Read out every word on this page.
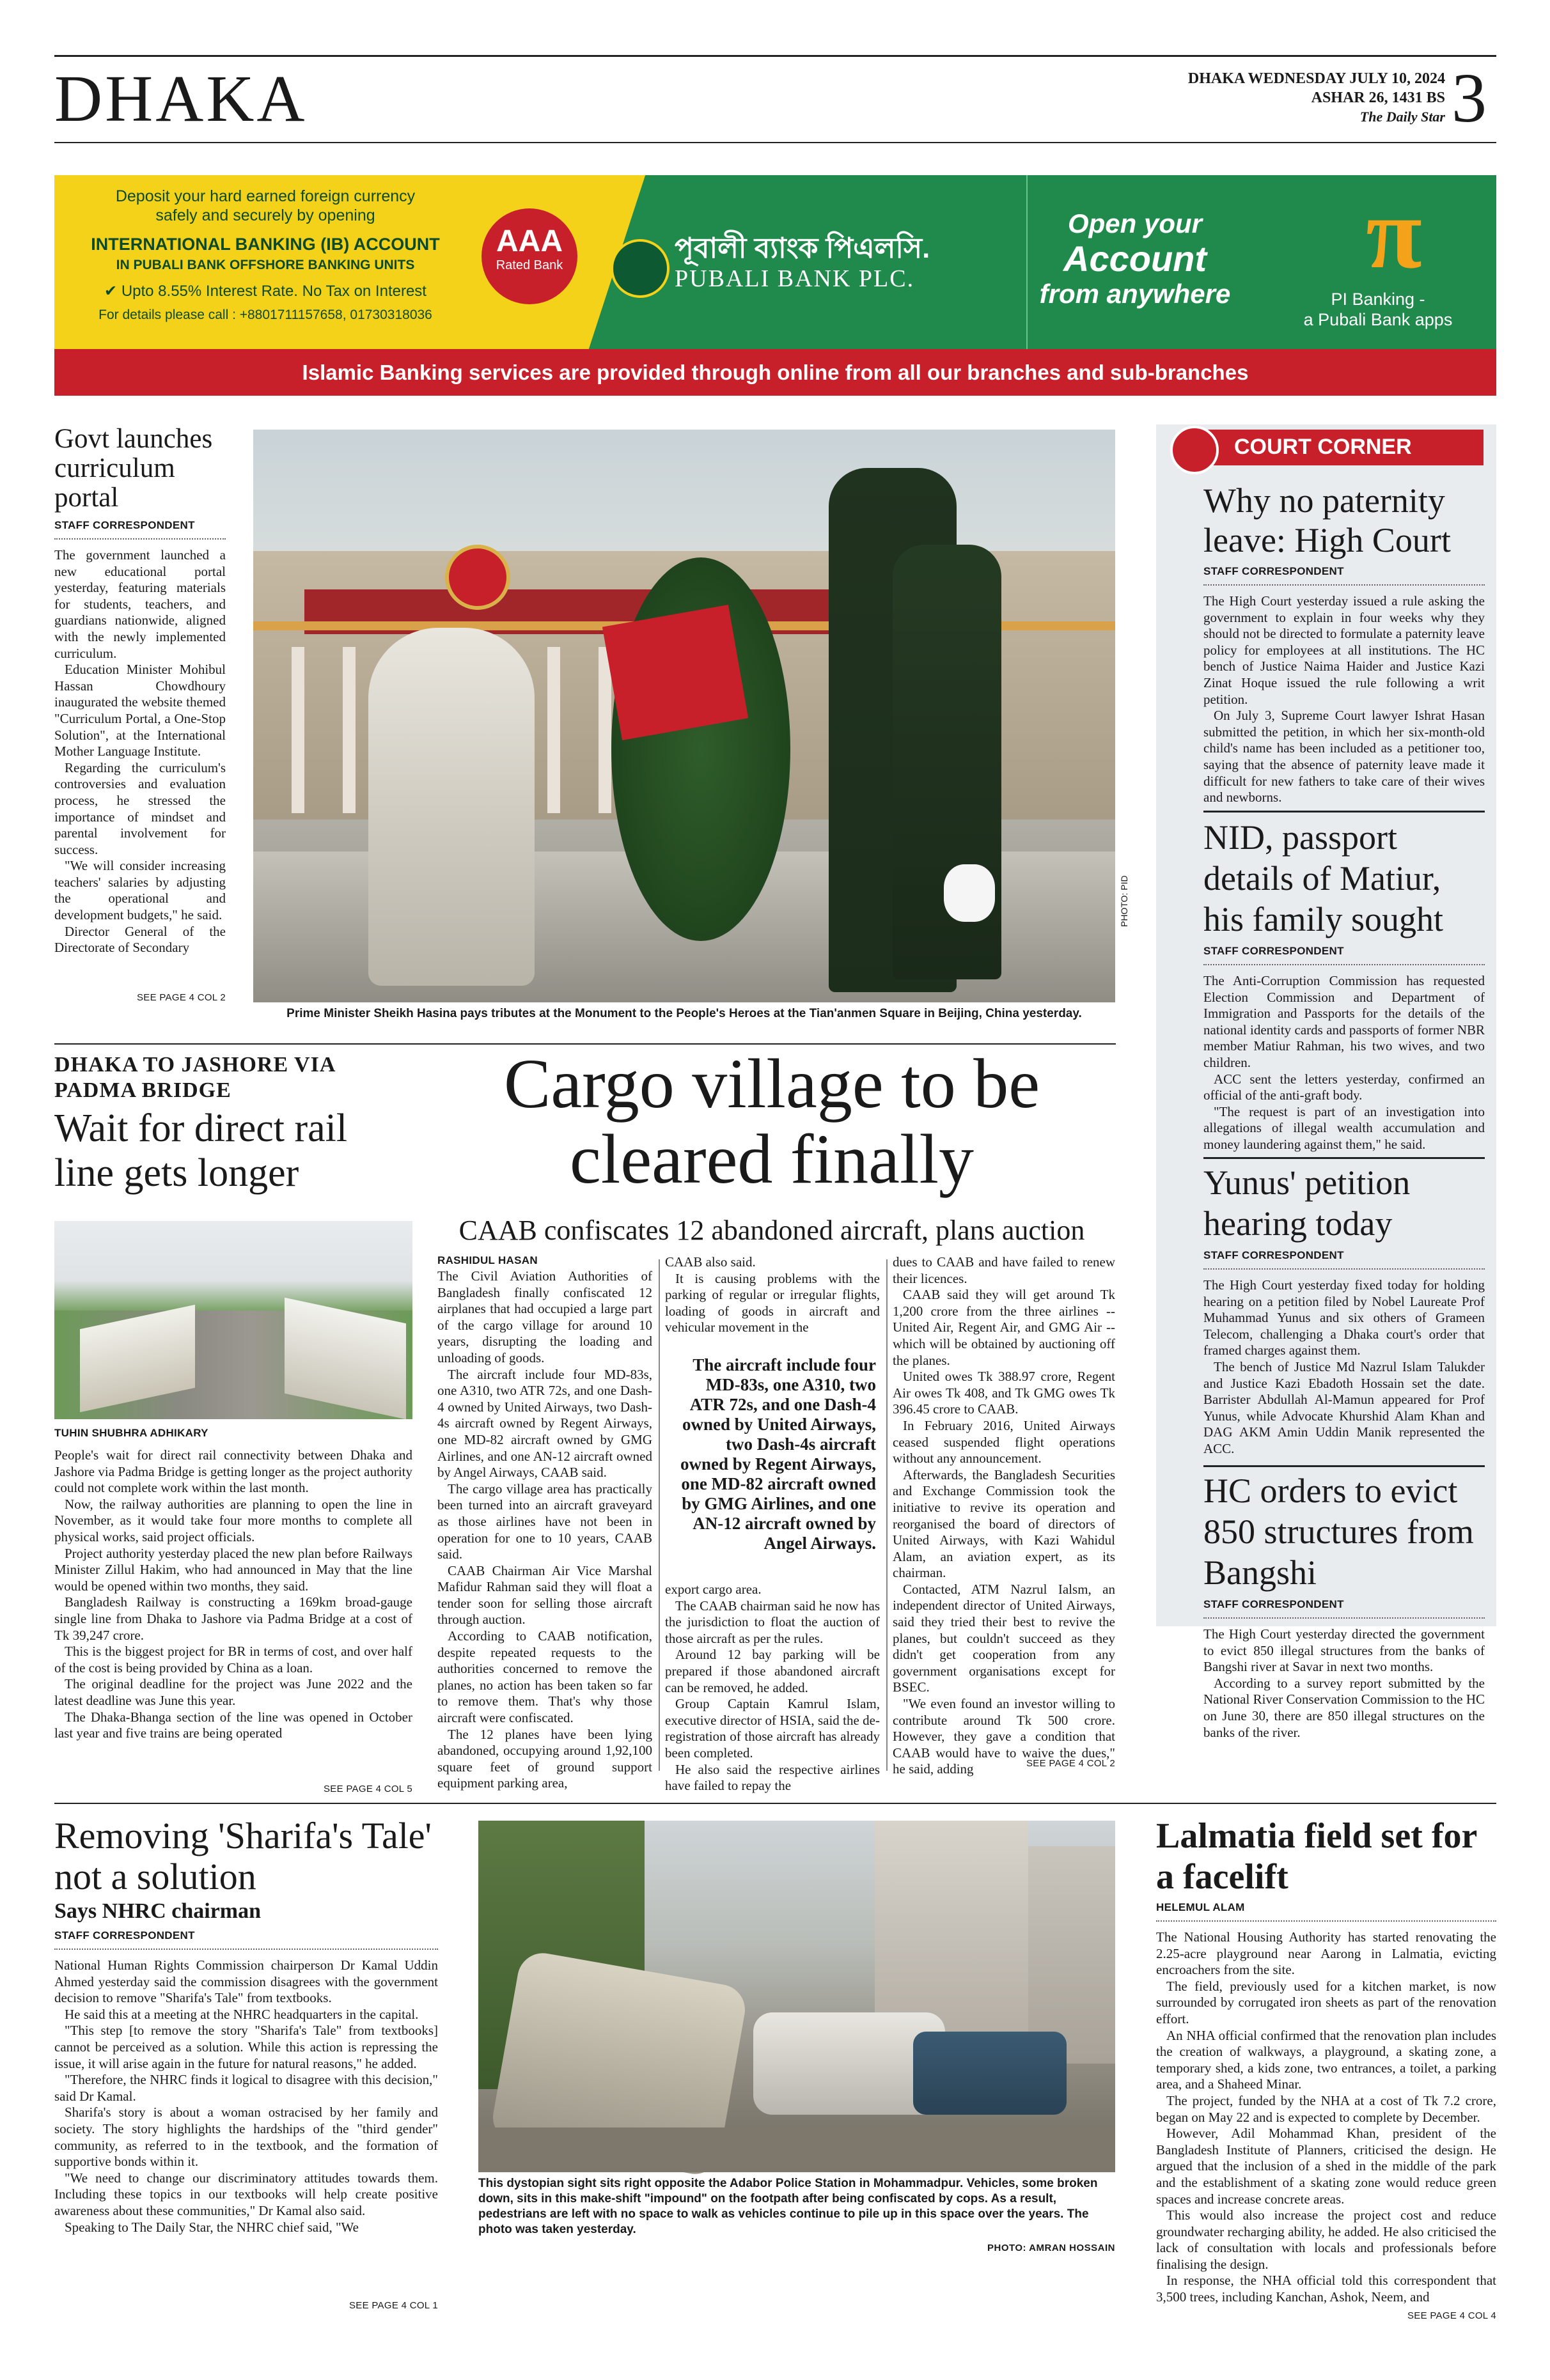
DHAKA	DHAKA WEDNESDAY JULY 10, 2024
ASHAR 26, 1431 BS
The Daily Star 3
Deposit your hard earned foreign currency
safely and securely by opening
INTERNATIONAL BANKING (IB) ACCOUNT
IN PUBALI BANK OFFSHORE BANKING UNITS
✔ Upto 8.55% Interest Rate. No Tax on Interest
For details please call : +8801711157658, 01730318036
AAA
Rated Bank
পূবালী ব্যাংক পিএলসি.
PUBALI BANK PLC.
Open your
Account
from anywhere
π
PI Banking -
a Pubali Bank apps
Islamic Banking services are provided through online from all our branches and sub-branches
Govt launches curriculum portal
STAFF CORRESPONDENT

The government launched a new educational portal yesterday, featuring materials for students, teachers, and guardians nationwide, aligned with the newly implemented curriculum.

Education Minister Mohibul Hassan Chowdhoury inaugurated the website themed "Curriculum Portal, a One-Stop Solution", at the International Mother Language Institute.

Regarding the curriculum's controversies and evaluation process, he stressed the importance of mindset and parental involvement for success.

"We will consider increasing teachers' salaries by adjusting the operational and development budgets," he said.

Director General of the Directorate of Secondary

SEE PAGE 4 COL 2
PHOTO: PID
Prime Minister Sheikh Hasina pays tributes at the Monument to the People's Heroes at the Tian'anmen Square in Beijing, China yesterday.
COURT CORNER
Why no paternity leave: High Court
STAFF CORRESPONDENT

The High Court yesterday issued a rule asking the government to explain in four weeks why they should not be directed to formulate a paternity leave policy for employees at all institutions. The HC bench of Justice Naima Haider and Justice Kazi Zinat Hoque issued the rule following a writ petition.

On July 3, Supreme Court lawyer Ishrat Hasan submitted the petition, in which her six-month-old child's name has been included as a petitioner too, saying that the absence of paternity leave made it difficult for new fathers to take care of their wives and newborns.

NID, passport details of Matiur, his family sought
STAFF CORRESPONDENT

The Anti-Corruption Commission has requested Election Commission and Department of Immigration and Passports for the details of the national identity cards and passports of former NBR member Matiur Rahman, his two wives, and two children.

ACC sent the letters yesterday, confirmed an official of the anti-graft body.

"The request is part of an investigation into allegations of illegal wealth accumulation and money laundering against them," he said.

Yunus' petition hearing today
STAFF CORRESPONDENT

The High Court yesterday fixed today for holding hearing on a petition filed by Nobel Laureate Prof Muhammad Yunus and six others of Grameen Telecom, challenging a Dhaka court's order that framed charges against them.

The bench of Justice Md Nazrul Islam Talukder and Justice Kazi Ebadoth Hossain set the date. Barrister Abdullah Al-Mamun appeared for Prof Yunus, while Advocate Khurshid Alam Khan and DAG AKM Amin Uddin Manik represented the ACC.

HC orders to evict 850 structures from Bangshi
STAFF CORRESPONDENT

The High Court yesterday directed the government to evict 850 illegal structures from the banks of Bangshi river at Savar in next two months.

According to a survey report submitted by the National River Conservation Commission to the HC on June 30, there are 850 illegal structures on the banks of the river.

DHAKA TO JASHORE VIA PADMA BRIDGE
Wait for direct rail line gets longer
TUHIN SHUBHRA ADHIKARY

People's wait for direct rail connectivity between Dhaka and Jashore via Padma Bridge is getting longer as the project authority could not complete work within the last month.

Now, the railway authorities are planning to open the line in November, as it would take four more months to complete all physical works, said project officials.

Project authority yesterday placed the new plan before Railways Minister Zillul Hakim, who had announced in May that the line would be opened within two months, they said.

Bangladesh Railway is constructing a 169km broad-gauge single line from Dhaka to Jashore via Padma Bridge at a cost of Tk 39,247 crore.

This is the biggest project for BR in terms of cost, and over half of the cost is being provided by China as a loan.

The original deadline for the project was June 2022 and the latest deadline was June this year.

The Dhaka-Bhanga section of the line was opened in October last year and five trains are being operated

SEE PAGE 4 COL 5
Cargo village to be cleared finally
CAAB confiscates 12 abandoned aircraft, plans auction
RASHIDUL HASAN

The Civil Aviation Authorities of Bangladesh finally confiscated 12 airplanes that had occupied a large part of the cargo village for around 10 years, disrupting the loading and unloading of goods.

The aircraft include four MD-83s, one A310, two ATR 72s, and one Dash-4 owned by United Airways, two Dash-4s aircraft owned by Regent Airways, one MD-82 aircraft owned by GMG Airlines, and one AN-12 aircraft owned by Angel Airways, CAAB said.

The cargo village area has practically been turned into an aircraft graveyard as those airlines have not been in operation for one to 10 years, CAAB said.

CAAB Chairman Air Vice Marshal Mafidur Rahman said they will float a tender soon for selling those aircraft through auction.

According to CAAB notification, despite repeated requests to the authorities concerned to remove the planes, no action has been taken so far to remove them. That's why those aircraft were confiscated.

The 12 planes have been lying abandoned, occupying around 1,92,100 square feet of ground support equipment parking area,

CAAB also said.

It is causing problems with the parking of regular or irregular flights, loading of goods in aircraft and vehicular movement in the

The aircraft include four MD-83s, one A310, two ATR 72s, and one Dash-4 owned by United Airways, two Dash-4s aircraft owned by Regent Airways, one MD-82 aircraft owned by GMG Airlines, and one AN-12 aircraft owned by Angel Airways.

export cargo area.

The CAAB chairman said he now has the jurisdiction to float the auction of those aircraft as per the rules.

Around 12 bay parking will be prepared if those abandoned aircraft can be removed, he added.

Group Captain Kamrul Islam, executive director of HSIA, said the de-registration of those aircraft has already been completed.

He also said the respective airlines have failed to repay the

dues to CAAB and have failed to renew their licences.

CAAB said they will get around Tk 1,200 crore from the three airlines -- United Air, Regent Air, and GMG Air -- which will be obtained by auctioning off the planes.

United owes Tk 388.97 crore, Regent Air owes Tk 408, and Tk GMG owes Tk 396.45 crore to CAAB.

In February 2016, United Airways ceased suspended flight operations without any announcement.

Afterwards, the Bangladesh Securities and Exchange Commission took the initiative to revive its operation and reorganised the board of directors of United Airways, with Kazi Wahidul Alam, an aviation expert, as its chairman.

Contacted, ATM Nazrul Ialsm, an independent director of United Airways, said they tried their best to revive the planes, but couldn't succeed as they didn't get cooperation from any government organisations except for BSEC.

"We even found an investor willing to contribute around Tk 500 crore. However, they gave a condition that CAAB would have to waive the dues," he said, adding	SEE PAGE 4 COL 2
Removing 'Sharifa's Tale' not a solution
Says NHRC chairman
STAFF CORRESPONDENT

National Human Rights Commission chairperson Dr Kamal Uddin Ahmed yesterday said the commission disagrees with the government decision to remove "Sharifa's Tale" from textbooks.

He said this at a meeting at the NHRC headquarters in the capital.

"This step [to remove the story "Sharifa's Tale" from textbooks] cannot be perceived as a solution. While this action is repressing the issue, it will arise again in the future for natural reasons," he added.

"Therefore, the NHRC finds it logical to disagree with this decision," said Dr Kamal.

Sharifa's story is about a woman ostracised by her family and society. The story highlights the hardships of the "third gender" community, as referred to in the textbook, and the formation of supportive bonds within it.

"We need to change our discriminatory attitudes towards them. Including these topics in our textbooks will help create positive awareness about these communities," Dr Kamal also said.

Speaking to The Daily Star, the NHRC chief said, "We

SEE PAGE 4 COL 1
This dystopian sight sits right opposite the Adabor Police Station in Mohammadpur. Vehicles, some broken down, sits in this make-shift "impound" on the footpath after being confiscated by cops. As a result, pedestrians are left with no space to walk as vehicles continue to pile up in this space over the years. The photo was taken yesterday.
PHOTO: AMRAN HOSSAIN
Lalmatia field set for a facelift
HELEMUL ALAM

The National Housing Authority has started renovating the 2.25-acre playground near Aarong in Lalmatia, evicting encroachers from the site.

The field, previously used for a kitchen market, is now surrounded by corrugated iron sheets as part of the renovation effort.

An NHA official confirmed that the renovation plan includes the creation of walkways, a playground, a skating zone, a temporary shed, a kids zone, two entrances, a toilet, a parking area, and a Shaheed Minar.

The project, funded by the NHA at a cost of Tk 7.2 crore, began on May 22 and is expected to complete by December.

However, Adil Mohammad Khan, president of the Bangladesh Institute of Planners, criticised the design. He argued that the inclusion of a shed in the middle of the park and the establishment of a skating zone would reduce green spaces and increase concrete areas.

This would also increase the project cost and reduce groundwater recharging ability, he added. He also criticised the lack of consultation with locals and professionals before finalising the design.

In response, the NHA official told this correspondent that 3,500 trees, including Kanchan, Ashok, Neem, and

SEE PAGE 4 COL 4
